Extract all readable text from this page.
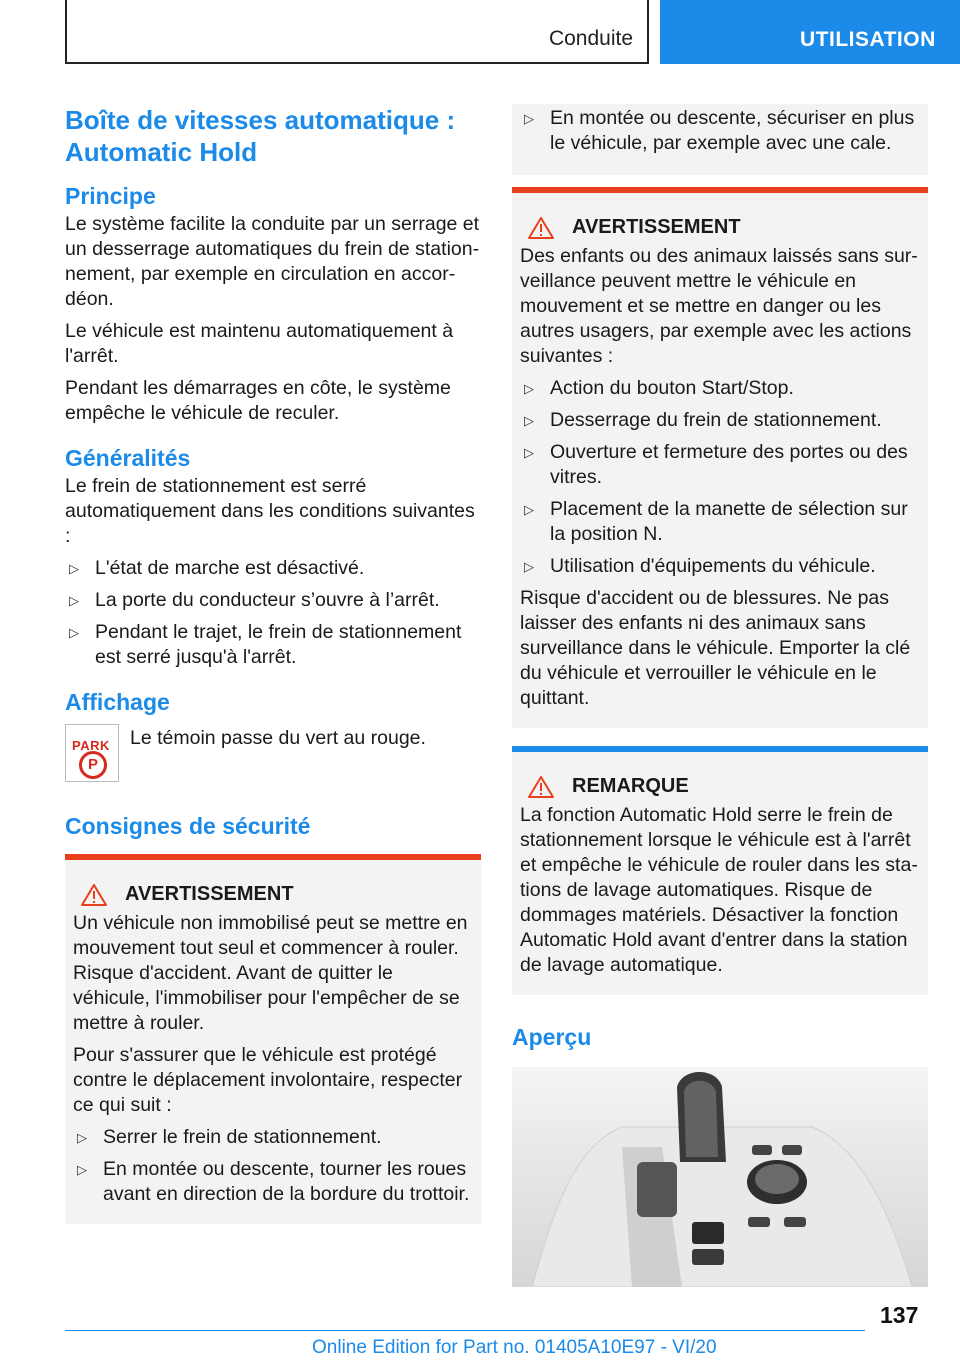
Conduite	UTILISATION
Boîte de vitesses automatique : Automatic Hold
Principe

Le système facilite la conduite par un serrage et un desserrage automatiques du frein de stationnement, par exemple en circulation en accordéon.

Le véhicule est maintenu automatiquement à l'arrêt.

Pendant les démarrages en côte, le système empêche le véhicule de reculer.

Généralités

Le frein de stationnement est serré automatiquement dans les conditions suivantes :

▷ L'état de marche est désactivé.
▷ La porte du conducteur s’ouvre à l’arrêt.
▷ Pendant le trajet, le frein de stationnement est serré jusqu'à l'arrêt.
Affichage
PARK
P

Le témoin passe du vert au rouge.

Consignes de sécurité
AVERTISSEMENT

Un véhicule non immobilisé peut se mettre en mouvement tout seul et commencer à rouler. Risque d'accident. Avant de quitter le véhicule, l'immobiliser pour l'empêcher de se mettre à rouler.

Pour s'assurer que le véhicule est protégé contre le déplacement involontaire, respecter ce qui suit :

▷ Serrer le frein de stationnement.
▷ En montée ou descente, tourner les roues avant en direction de la bordure du trottoir.
▷ En montée ou descente, sécuriser en plus le véhicule, par exemple avec une cale.
AVERTISSEMENT

Des enfants ou des animaux laissés sans surveillance peuvent mettre le véhicule en mouvement et se mettre en danger ou les autres usagers, par exemple avec les actions suivantes :

▷ Action du bouton Start/Stop.
▷ Desserrage du frein de stationnement.
▷ Ouverture et fermeture des portes ou des vitres.
▷ Placement de la manette de sélection sur la position N.
▷ Utilisation d'équipements du véhicule.

Risque d'accident ou de blessures. Ne pas laisser des enfants ni des animaux sans surveillance dans le véhicule. Emporter la clé du véhicule et verrouiller le véhicule en le quittant.

REMARQUE

La fonction Automatic Hold serre le frein de stationnement lorsque le véhicule est à l'arrêt et empêche le véhicule de rouler dans les stations de lavage automatiques. Risque de dommages matériels. Désactiver la fonction Automatic Hold avant d'entrer dans la station de lavage automatique.

Aperçu
137
Online Edition for Part no. 01405A10E97 - VI/20
